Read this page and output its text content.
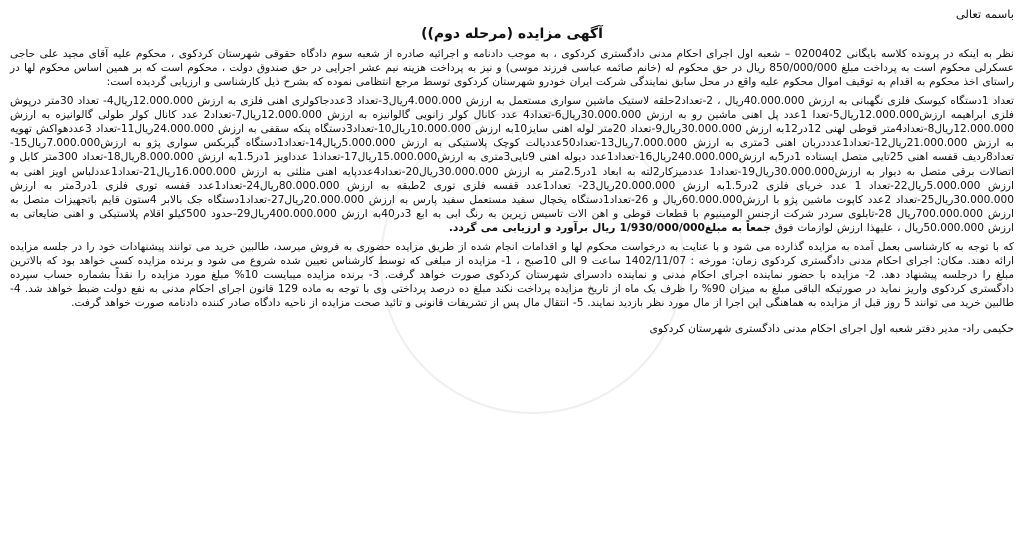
باسمه تعالی
آگهی مزایده (مرحله دوم))

نظر به اینکه در پرونده کلاسه بایگانی 0200402 – شعبه اول اجرای احکام مدنی دادگستری کردکوی ، به موجب دادنامه و اجرائیه صادره از شعبه سوم دادگاه حقوقی شهرستان کردکوی ، محکوم علیه آقای مجید علی حاجی عسکرلی محکوم است به پرداخت مبلغ 850/000/000 ریال در حق محکوم له (خانم صائمه عباسی فرزند موسی) و نیز به پرداخت هزینه نیم عشر اجرایی در حق صندوق دولت ، محکوم است که بر همین اساس محکوم لها در راستای اخذ محکوم به اقدام به توقیف اموال محکوم علیه واقع در محل سابق نمایندگی شرکت ایران خودرو شهرستان کردکوی توسط مرجع انتظامی نموده که بشرح ذیل کارشناسی و ارزیابی گردیده است:

تعداد 1دستگاه کیوسک فلزی نگهبانی به ارزش 40.000.000ریال ، 2-تعداد2حلقه لاستیک ماشین سواری مستعمل به ارزش 4.000.000ریال3-تعداد 3عددجاکولری اهنی فلزی به ارزش 12.000.000ریال4- تعداد 30متر درپوش فلزی ابراهیمه ارزش12.000.000ریال5-تعدا 1عدد پل اهنی ماشین رو به ارزش 30.000.000ریال6-تعداد4 عدد کانال کولر زانویی گالوانیزه به ارزش 12.000.000ریال7-تعداد2 عدد کانال کولر طولی گالوانیزه به ارزش 12.000.000ریال8-تعداد4متر قوطی لهنی 12در12به ارزش 30.000.000ریال9-تعداد 20متر لوله اهنی سایز10به ارزش 10.000.000ریال10-تعداد3دستگاه پنکه سقفی به ارزش 24.000.000ریال11-تعداد 3عددهواکش تهویه به ارزش 21.000.000ریال12-تعداد1عدددربان اهنی 3متری به ارزش 7.000.000ریال13-تعداد50عددیالت کوچک پلاستیکی به ارزش 5.000.000ریال14-تعداد1دستگاه گیربکس سواری پژو به ارزش7.000.000ریال15-تعداد8ردیف قفسه اهنی 25تایی متصل ایستاده 1در5به ارزش240.000.000ریال16-تعداد1عدد دیوله اهنی 9تایی3متری به ارزش15.000.000ریال17-تعداد1 عدداویز 1در1.5به ارزش 8.000.000ریال18-تعداد 300متر کابل و اتصالات برقی متصل به دیوار به ارزش30.000.000ریال19-تعداد1 عددمیزکار2لته به ابعاد 1در2.5متر به ارزش 30.000.000ریال20-تعداد4عددپایه اهنی مثلثی به ارزش 16.000.000ریال21-تعداد1عددلباس اویز اهنی به ارزش 5.000.000ریال22-تعداد 1 عدد خریای فلزی 2در1.5به ارزش 20.000.000ریال23- تعداد1عدد قفسه فلزی توری 2طبقه به ارزش 80.000.000ریال24-تعداد1عدد قفسه توری فلزی 1در3متر به ارزش 30.000.000ریال25-تعداد 2عدد کاپوت ماشین پژو با ارزش60.000.000ریال و 26-تعداد1دستگاه یخچال سفید مستعمل سفید پارس به ارزش 20.000.000ریال27-تعداد1دستگاه جک بالابر 4ستون قایم باتجهیزات متصل به ارزش 700.000.000ریال 28-تابلوی سردر شرکت ازجنس الومینیوم با قطعات قوطی و اهن الات تاسیس زیرین به رنگ ابی به ابع 3در40به ارزش 400.000.000ریال29-حدود 500کیلو اقلام پلاستیکی و اهنی ضایعاتی به ارزش 50.000.000ریال ، علیهذا ارزش لوازمات فوق جمعاً به مبلغ1/930/000/000 ریال برآورد و ارزیابی می گردد.

که با توجه به کارشناسی بعمل آمده به مزایده گذارده می شود و با عنایت به درخواست محکوم لها و اقدامات انجام شده از طریق مزایده حضوری به فروش میرسد، طالبین خرید می توانند پیشنهادات خود را در جلسه مزایده ارائه دهند. مکان: اجرای احکام مدنی دادگستری کردکوی زمان: مورخه : 1402/11/07 ساعت 9 الی 10صبح ، 1- مزایده از مبلغی که توسط کارشناس تعیین شده شروع می شود و برنده مزایده کسی خواهد بود که بالاترین مبلغ را درجلسه پیشنهاد دهد. 2- مزایده با حضور نماینده اجرای احکام مدنی و نماینده دادسرای شهرستان کردکوی صورت خواهد گرفت. 3- برنده مزایده میبایست 10% مبلغ مورد مزایده را نقداً بشماره حساب سپرده دادگستری کردکوی واریز نماید در صورتیکه الباقی مبلغ به میزان 90% را ظرف یک ماه از تاریخ مزایده پرداخت نکند مبلغ ده درصد پرداختی وی با توجه به ماده 129 قانون اجرای احکام مدنی به نفع دولت ضبط خواهد شد. 4- طالبین خرید می توانند 5 روز قبل از مزایده به هماهنگی این اجرا از مال مورد نظر بازدید نمایند. 5- انتقال مال پس از تشریفات قانونی و تائید صحت مزایده از ناحیه دادگاه صادر کننده دادنامه صورت خواهد گرفت.

حکیمی راد- مدیر دفتر شعبه اول اجرای احکام مدنی دادگستری شهرستان کردکوی
